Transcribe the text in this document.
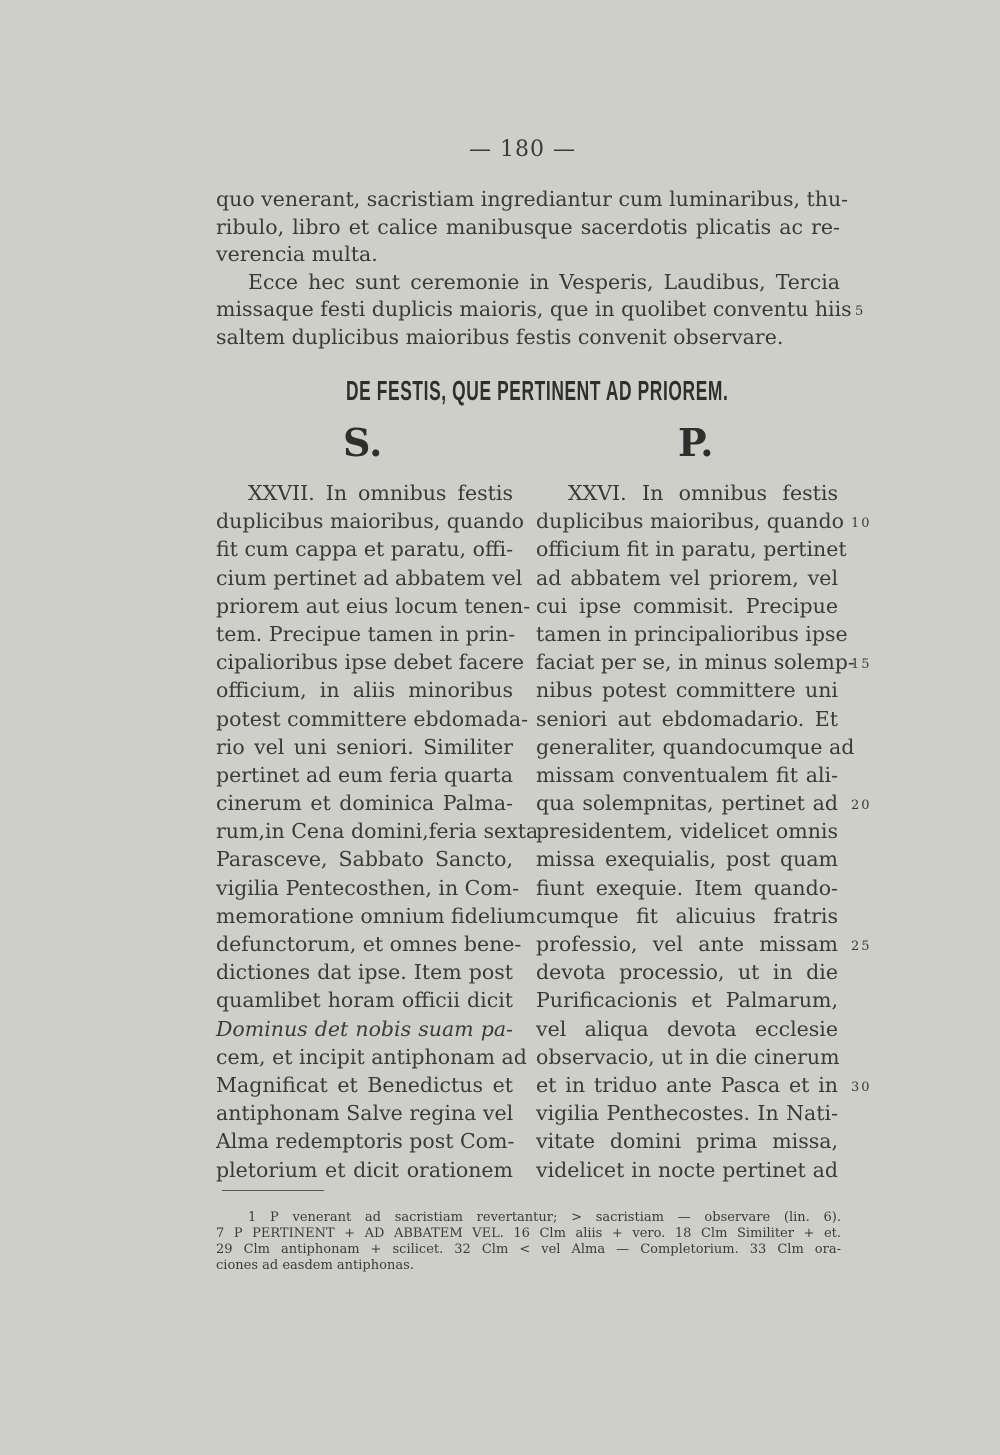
— 180 —
quo venerant, sacristiam ingrediantur cum luminaribus, thu-
ribulo, libro et calice manibusque sacerdotis plicatis ac re-
verencia multa.
Ecce hec sunt ceremonie in Vesperis, Laudibus, Tercia
missaque festi duplicis maioris, que in quolibet conventu hiis
saltem duplicibus maioribus festis convenit observare.
DE FESTIS, QUE PERTINENT AD PRIOREM.
S.	P.
XXVII. In omnibus festis
duplicibus maioribus, quando
fit cum cappa et paratu, offi-
cium pertinet ad abbatem vel
priorem aut eius locum tenen-
tem. Precipue tamen in prin-
cipalioribus ipse debet facere
officium, in aliis minoribus
potest committere ebdomada-
rio vel uni seniori. Similiter
pertinet ad eum feria quarta
cinerum et dominica Palma-
rum,in Cena domini,feria sexta
Parasceve, Sabbato Sancto,
vigilia Pentecosthen, in Com-
memoratione omnium fidelium
defunctorum, et omnes bene-
dictiones dat ipse. Item post
quamlibet horam officii dicit
Dominus det nobis suam pa-
cem, et incipit antiphonam ad
Magnificat et Benedictus et
antiphonam Salve regina vel
Alma redemptoris post Com-
pletorium et dicit orationem
XXVI. In omnibus festis
duplicibus maioribus, quando
officium fit in paratu, pertinet
ad abbatem vel priorem, vel
cui ipse commisit. Precipue
tamen in principalioribus ipse
faciat per se, in minus solemp-
nibus potest committere uni
seniori aut ebdomadario. Et
generaliter, quandocumque ad
missam conventualem fit ali-
qua solempnitas, pertinet ad
presidentem, videlicet omnis
missa exequialis, post quam
fiunt exequie. Item quando-
cumque fit alicuius fratris
professio, vel ante missam
devota processio, ut in die
Purificacionis et Palmarum,
vel aliqua devota ecclesie
observacio, ut in die cinerum
et in triduo ante Pasca et in
vigilia Penthecostes. In Nati-
vitate domini prima missa,
videlicet in nocte pertinet ad
5
10
15
20
25
30
1 P venerant ad sacristiam revertantur; > sacristiam — observare (lin. 6).
7 P PERTINENT + AD ABBATEM VEL. 16 Clm aliis + vero. 18 Clm Similiter + et.
29 Clm antiphonam + scilicet. 32 Clm < vel Alma — Completorium. 33 Clm ora-
ciones ad easdem antiphonas.
